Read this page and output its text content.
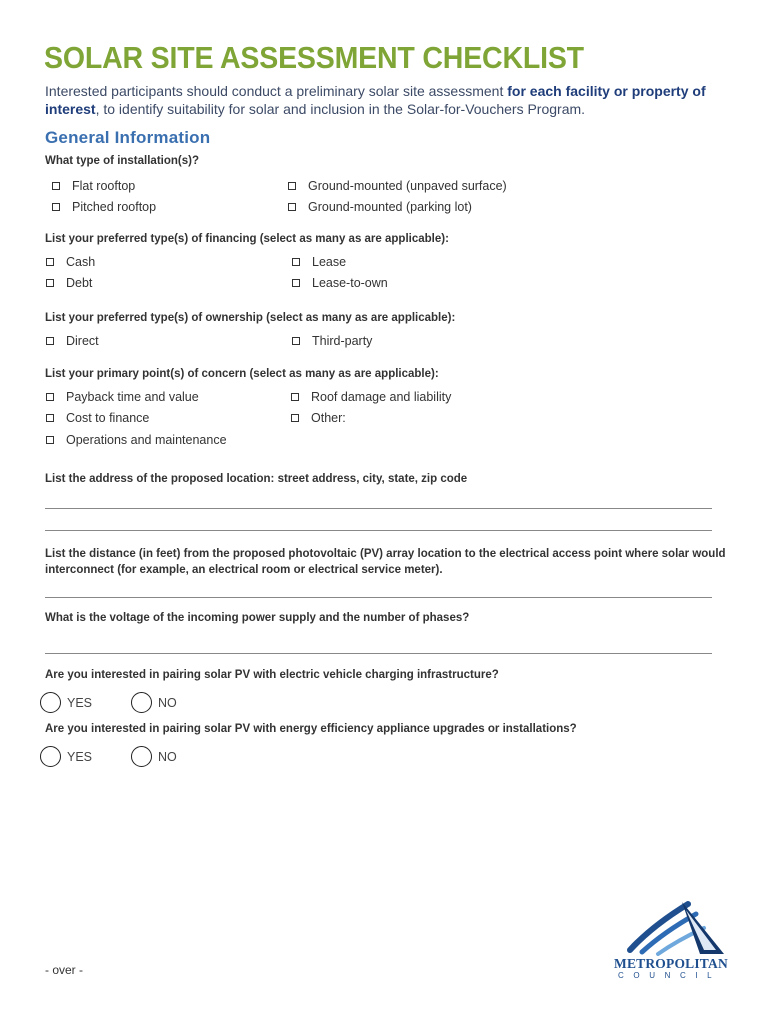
SOLAR SITE ASSESSMENT CHECKLIST
Interested participants should conduct a preliminary solar site assessment for each facility or property of interest, to identify suitability for solar and inclusion in the Solar-for-Vouchers Program.
General Information
What type of installation(s)?
Flat rooftop	Ground-mounted (unpaved surface)
Pitched rooftop	Ground-mounted (parking lot)
List your preferred type(s) of financing (select as many as are applicable):
Cash	Lease
Debt	Lease-to-own
List your preferred type(s) of ownership (select as many as are applicable):
Direct	Third-party
List your primary point(s) of concern (select as many as are applicable):
Payback time and value	Roof damage and liability
Cost to finance	Other:
Operations and maintenance
List the address of the proposed location: street address, city, state, zip code
List the distance (in feet) from the proposed photovoltaic (PV) array location to the electrical access point where solar would interconnect (for example, an electrical room or electrical service meter).
What is the voltage of the incoming power supply and the number of phases?
Are you interested in pairing solar PV with electric vehicle charging infrastructure?
YES	NO
Are you interested in pairing solar PV with energy efficiency appliance upgrades or installations?
YES	NO
- over -	METROPOLITAN
COUNCIL
